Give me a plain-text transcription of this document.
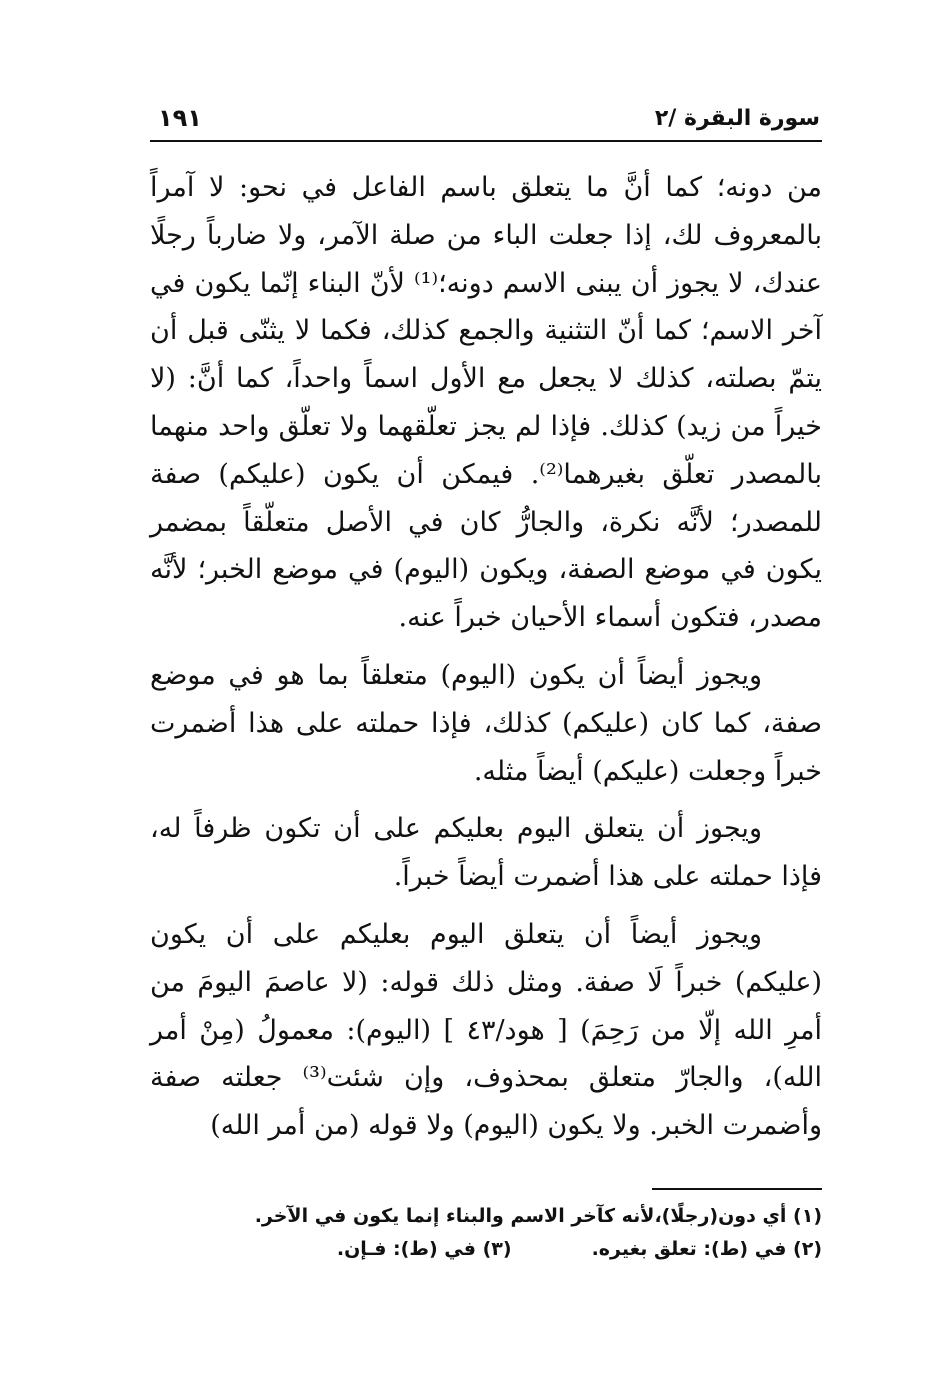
سورة البقرة /٢
١٩١

من دونه؛ كما أنَّ ما يتعلق باسم الفاعل في نحو: لا آمراً بالمعروف لك، إذا جعلت الباء من صلة الآمر، ولا ضارباً رجلًا عندك، لا يجوز أن يبنى الاسم دونه؛⁽¹⁾ لأنّ البناء إنّما يكون في آخر الاسم؛ كما أنّ التثنية والجمع كذلك، فكما لا يثنّى قبل أن يتمّ بصلته، كذلك لا يجعل مع الأول اسماً واحداً، كما أنَّ: (لا خيراً من زيد) كذلك. فإذا لم يجز تعلّقهما ولا تعلّق واحد منهما بالمصدر تعلّق بغيرهما⁽²⁾. فيمكن أن يكون (عليكم) صفة للمصدر؛ لأنَّه نكرة، والجارُّ كان في الأصل متعلّقاً بمضمر يكون في موضع الصفة، ويكون (اليوم) في موضع الخبر؛ لأنَّه مصدر، فتكون أسماء الأحيان خبراً عنه.

ويجوز أيضاً أن يكون (اليوم) متعلقاً بما هو في موضع صفة، كما كان (عليكم) كذلك، فإذا حملته على هذا أضمرت خبراً وجعلت (عليكم) أيضاً مثله.

ويجوز أن يتعلق اليوم بعليكم على أن تكون ظرفاً له، فإذا حملته على هذا أضمرت أيضاً خبراً.

ويجوز أيضاً أن يتعلق اليوم بعليكم على أن يكون (عليكم) خبراً لَا صفة. ومثل ذلك قوله: (لا عاصمَ اليومَ من أمرِ الله إلّا من رَحِمَ) [ هود/٤٣ ] (اليوم): معمولُ (مِنْ أمر الله)، والجارّ متعلق بمحذوف، وإن شئت⁽³⁾ جعلته صفة وأضمرت الخبر. ولا يكون (اليوم) ولا قوله (من أمر الله)

(١) أي دون(رجلًا)،لأنه كآخر الاسم والبناء إنما يكون في الآخر.
(٢) في (ط): تعلق بغيره.
(٣) في (ط): فـإن.
